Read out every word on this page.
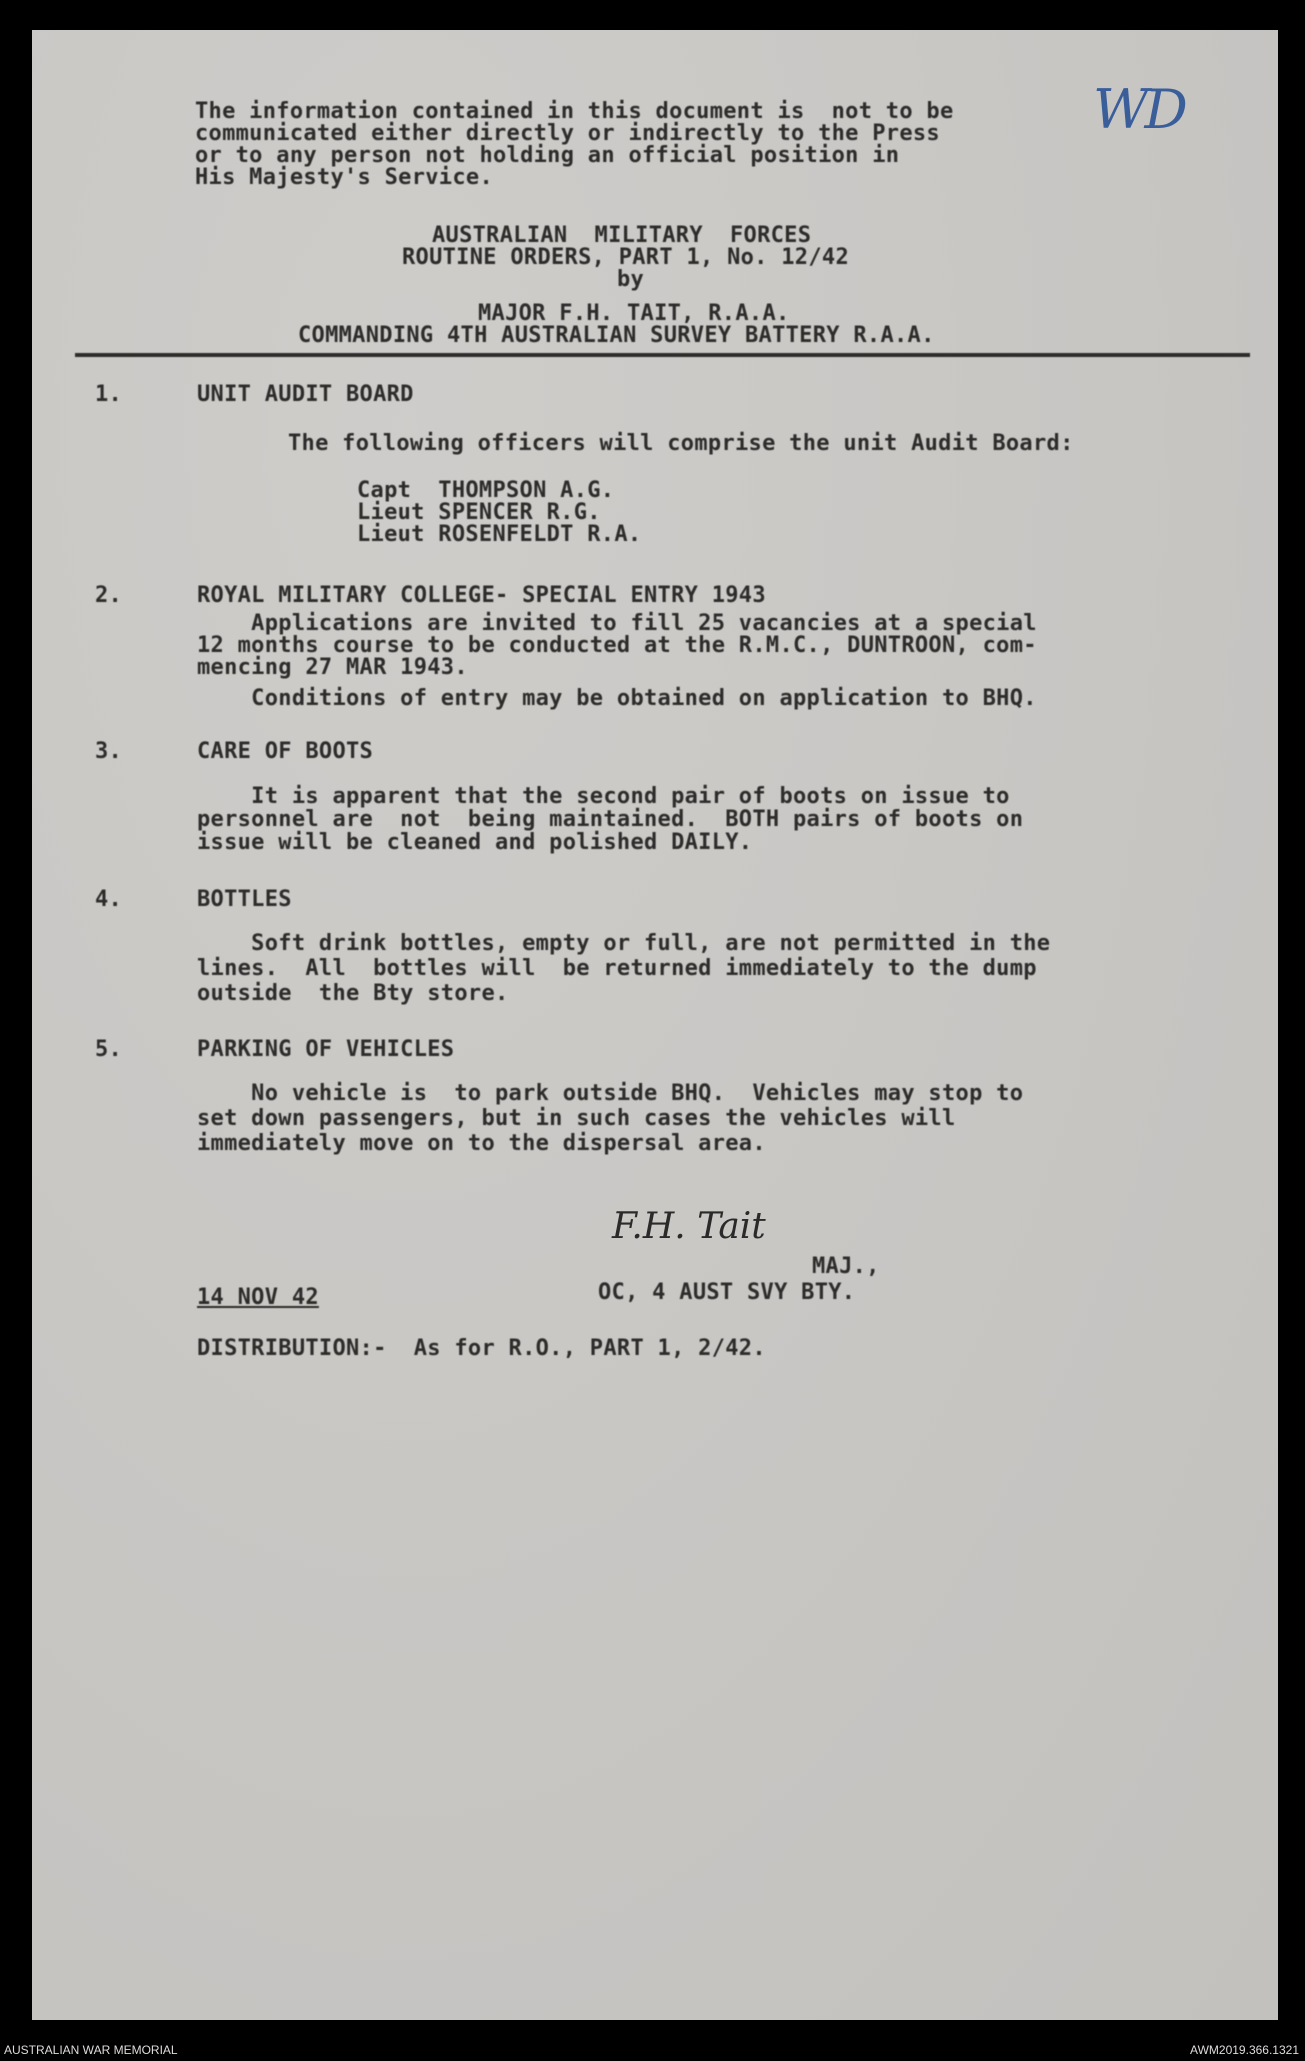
The information contained in this document is  not to be
communicated either directly or indirectly to the Press
or to any person not holding an official position in
His Majesty's Service.
WD
AUSTRALIAN  MILITARY  FORCES
ROUTINE ORDERS, PART 1, No. 12/42
by
MAJOR F.H. TAIT, R.A.A.
COMMANDING 4TH AUSTRALIAN SURVEY BATTERY R.A.A.
1.	UNIT AUDIT BOARD
The following officers will comprise the unit Audit Board:
Capt  THOMPSON A.G.
Lieut SPENCER R.G.
Lieut ROSENFELDT R.A.
2.	ROYAL MILITARY COLLEGE- SPECIAL ENTRY 1943
Applications are invited to fill 25 vacancies at a special
12 months course to be conducted at the R.M.C., DUNTROON, com-
mencing 27 MAR 1943.
Conditions of entry may be obtained on application to BHQ.
3.	CARE OF BOOTS
It is apparent that the second pair of boots on issue to
personnel are  not  being maintained.  BOTH pairs of boots on
issue will be cleaned and polished DAILY.
4.	BOTTLES
Soft drink bottles, empty or full, are not permitted in the
lines.  All  bottles will  be returned immediately to the dump
outside  the Bty store.
5.	PARKING OF VEHICLES
No vehicle is  to park outside BHQ.  Vehicles may stop to
set down passengers, but in such cases the vehicles will
immediately move on to the dispersal area.
F.H. Tait
MAJ.,
OC, 4 AUST SVY BTY.
14 NOV 42
DISTRIBUTION:-  As for R.O., PART 1, 2/42.
AUSTRALIAN WAR MEMORIAL	AWM2019.366.1321
